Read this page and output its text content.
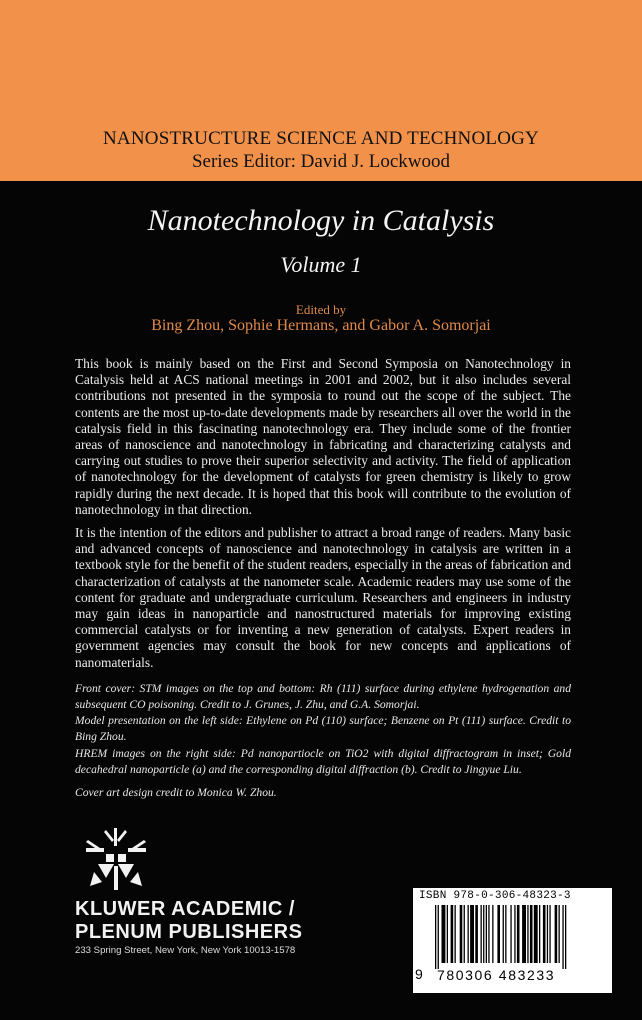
NANOSTRUCTURE SCIENCE AND TECHNOLOGY
Series Editor: David J. Lockwood
Nanotechnology in Catalysis
Volume 1
Edited by
Bing Zhou, Sophie Hermans, and Gabor A. Somorjai

This book is mainly based on the First and Second Symposia on Nanotechnology in Catalysis held at ACS national meetings in 2001 and 2002, but it also includes several contributions not presented in the symposia to round out the scope of the subject. The contents are the most up-to-date developments made by researchers all over the world in the catalysis field in this fascinating nanotechnology era. They include some of the frontier areas of nanoscience and nanotechnology in fabricating and characterizing catalysts and carrying out studies to prove their superior selectivity and activity. The field of application of nanotechnology for the development of catalysts for green chemistry is likely to grow rapidly during the next decade. It is hoped that this book will contribute to the evolution of nanotechnology in that direction.

It is the intention of the editors and publisher to attract a broad range of readers. Many basic and advanced concepts of nanoscience and nanotechnology in catalysis are written in a textbook style for the benefit of the student readers, especially in the areas of fabrication and characterization of catalysts at the nanometer scale. Academic readers may use some of the content for graduate and undergraduate curriculum. Researchers and engineers in industry may gain ideas in nanoparticle and nanostructured materials for improving existing commercial catalysts or for inventing a new generation of catalysts. Expert readers in government agencies may consult the book for new concepts and applications of nanomaterials.

Front cover: STM images on the top and bottom: Rh (111) surface during ethylene hydrogenation and subsequent CO poisoning. Credit to J. Grunes, J. Zhu, and G.A. Somorjai.

Model presentation on the left side: Ethylene on Pd (110) surface; Benzene on Pt (111) surface. Credit to Bing Zhou.

HREM images on the right side: Pd nanopartiocle on TiO2 with digital diffractogram in inset; Gold decahedral nanoparticle (a) and the corresponding digital diffraction (b). Credit to Jingyue Liu.

Cover art design credit to Monica W. Zhou.

KLUWER ACADEMIC /
PLENUM PUBLISHERS
233 Spring Street, New York, New York 10013-1578
ISBN 978-0-306-48323-3
9 780306 483233
